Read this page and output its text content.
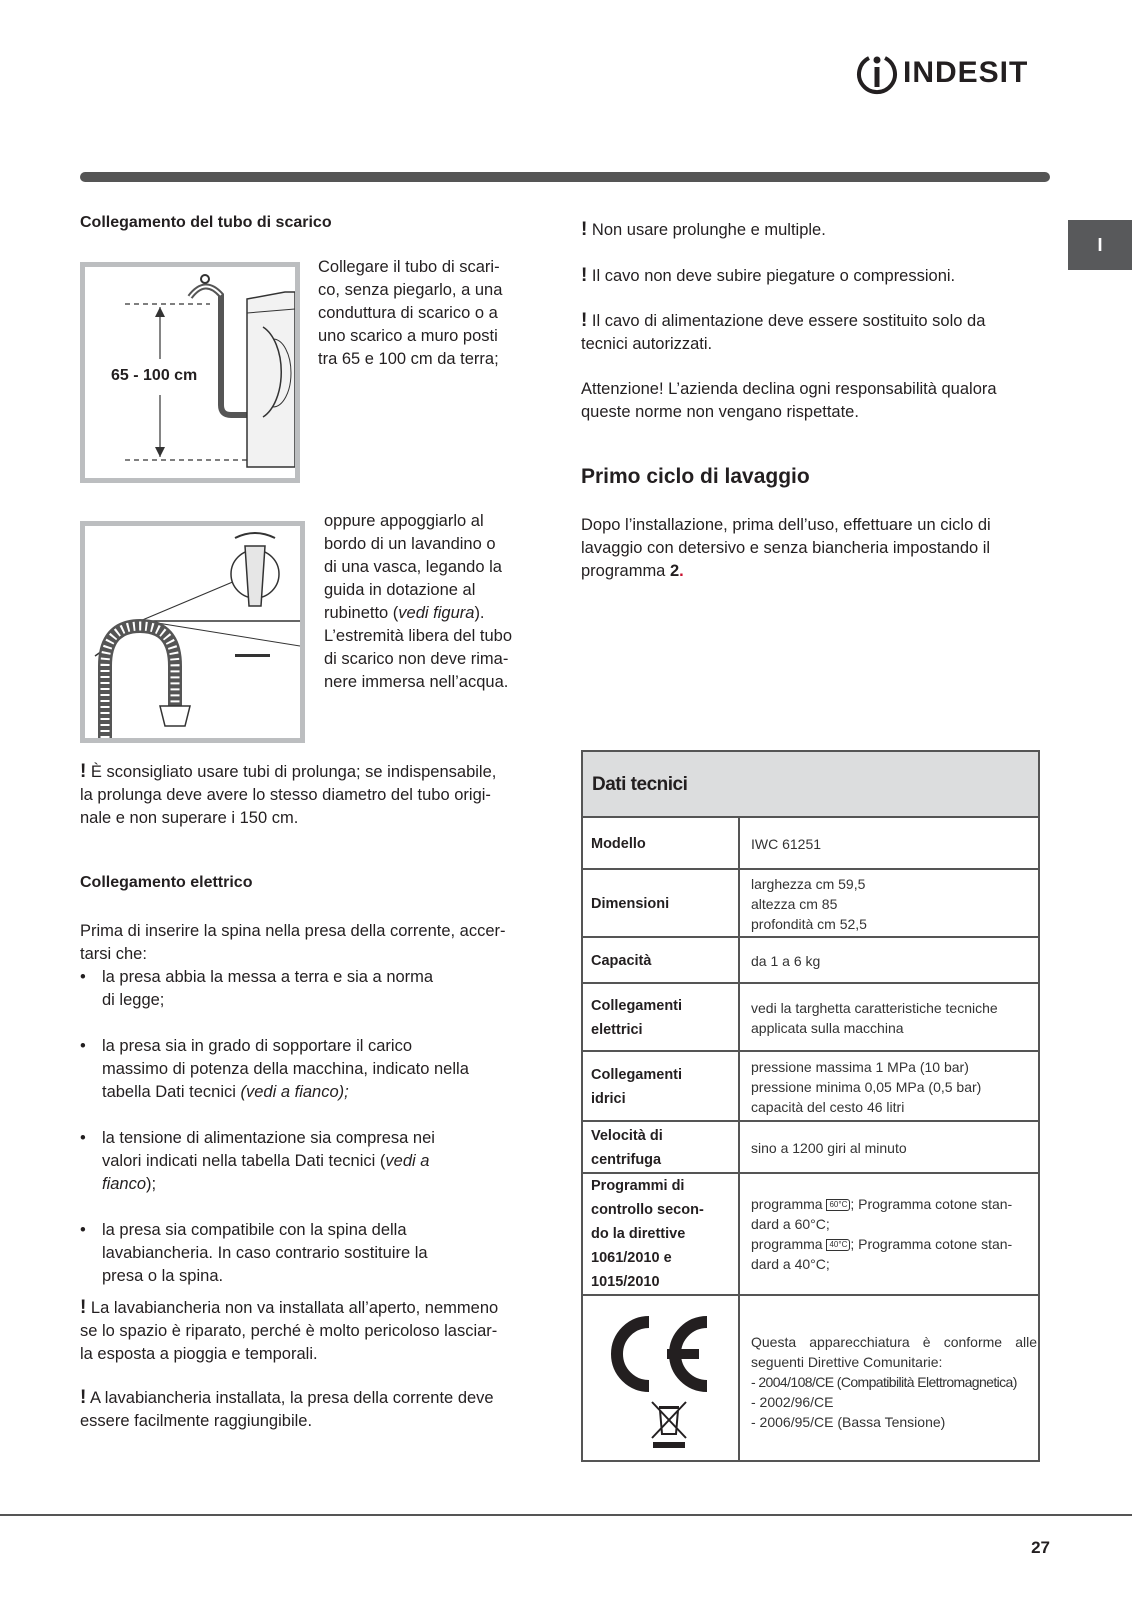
INDESIT
I
Collegamento del tubo di scarico
65 - 100 cm
Collegare il tubo di scari-
co, senza piegarlo, a una
conduttura di scarico o a
uno scarico a muro posti
tra 65 e 100 cm da terra;
oppure appoggiarlo al
bordo di un lavandino o
di una vasca, legando la
guida in dotazione al
rubinetto (vedi figura).
L’estremità libera del tubo
di scarico non deve rima-
nere immersa nell’acqua.
! È sconsigliato usare tubi di prolunga; se indispensabile,
la prolunga deve avere lo stesso diametro del tubo origi-
nale e non superare i 150 cm.
Collegamento elettrico
Prima di inserire la spina nella presa della corrente, accer-
tarsi che:
• la presa abbia la messa a terra e sia a norma
di legge;
• la presa sia in grado di sopportare il carico
massimo di potenza della macchina, indicato nella
tabella Dati tecnici (vedi a fianco);
• la tensione di alimentazione sia compresa nei
valori indicati nella tabella Dati tecnici (vedi a
fianco);
• la presa sia compatibile con la spina della
lavabiancheria. In caso contrario sostituire la
presa o la spina.
! La lavabiancheria non va installata all’aperto, nemmeno
se lo spazio è riparato, perché è molto pericoloso lasciar-
la esposta a pioggia e temporali.
! A lavabiancheria installata, la presa della corrente deve
essere facilmente raggiungibile.
! Non usare prolunghe e multiple.
! Il cavo non deve subire piegature o compressioni.
! Il cavo di alimentazione deve essere sostituito solo da
tecnici autorizzati.
Attenzione! L’azienda declina ogni responsabilità qualora
queste norme non vengano rispettate.
Primo ciclo di lavaggio
Dopo l’installazione, prima dell’uso, effettuare un ciclo di
lavaggio con detersivo e senza biancheria impostando il
programma 2.
Dati tecnici
Modello	IWC 61251
Dimensioni
larghezza cm 59,5
altezza cm 85
profondità cm 52,5
Capacità	da 1 a 6 kg
Collegamenti
elettrici
vedi la targhetta caratteristiche tecniche
applicata sulla macchina
Collegamenti
idrici
pressione massima 1 MPa (10 bar)
pressione minima 0,05 MPa (0,5 bar)
capacità del cesto 46 litri
Velocità di
centrifuga
sino a 1200 giri al minuto
Programmi di
controllo secon-
do la direttive
1061/2010 e
1015/2010
programma 60°C ; Programma cotone stan-
dard a 60°C;
programma 40°C ; Programma cotone stan-
dard a 40°C;
Questa apparecchiatura è conforme alle
seguenti Direttive Comunitarie:
- 2004/108/CE (Compatibilità Elettromagnetica)
- 2002/96/CE
- 2006/95/CE (Bassa Tensione)
27
